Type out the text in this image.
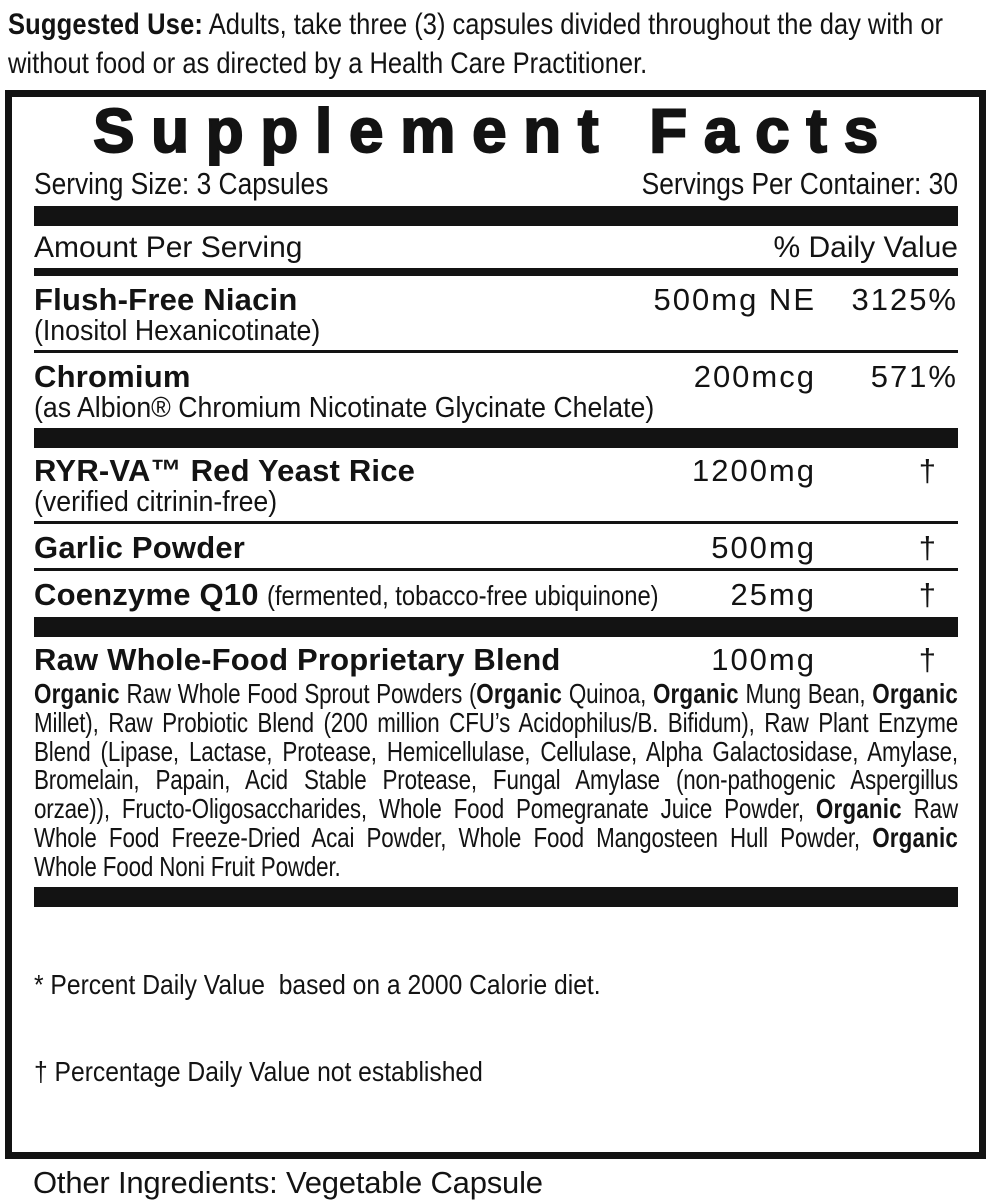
Suggested Use: Adults, take three (3) capsules divided throughout the day with or without food or as directed by a Health Care Practitioner.

Supplement Facts
Serving Size: 3 Capsules	Servings Per Container: 30
Amount Per Serving	% Daily Value
Flush-Free Niacin	500mg NE	3125%
(Inositol Hexanicotinate)
Chromium	200mcg	571%
(as Albion® Chromium Nicotinate Glycinate Chelate)
RYR-VA™ Red Yeast Rice	1200mg	†
(verified citrinin-free)
Garlic Powder	500mg	†
Coenzyme Q10 (fermented, tobacco-free ubiquinone)	25mg	†
Raw Whole-Food Proprietary Blend	100mg	†

Organic Raw Whole Food Sprout Powders (Organic Quinoa, Organic Mung Bean, Organic Millet), Raw Probiotic Blend (200 million CFU’s Acidophilus/B. Bifidum), Raw Plant Enzyme Blend (Lipase, Lactase, Protease, Hemicellulase, Cellulase, Alpha Galactosidase, Amylase, Bromelain, Papain, Acid Stable Protease, Fungal Amylase (non-pathogenic Aspergillus orzae)), Fructo-Oligosaccharides, Whole Food Pomegranate Juice Powder, Organic Raw Whole Food Freeze-Dried Acai Powder, Whole Food Mangosteen Hull Powder, Organic Whole Food Noni Fruit Powder.

* Percent Daily Value  based on a 2000 Calorie diet.

† Percentage Daily Value not established

Other Ingredients: Vegetable Capsule
